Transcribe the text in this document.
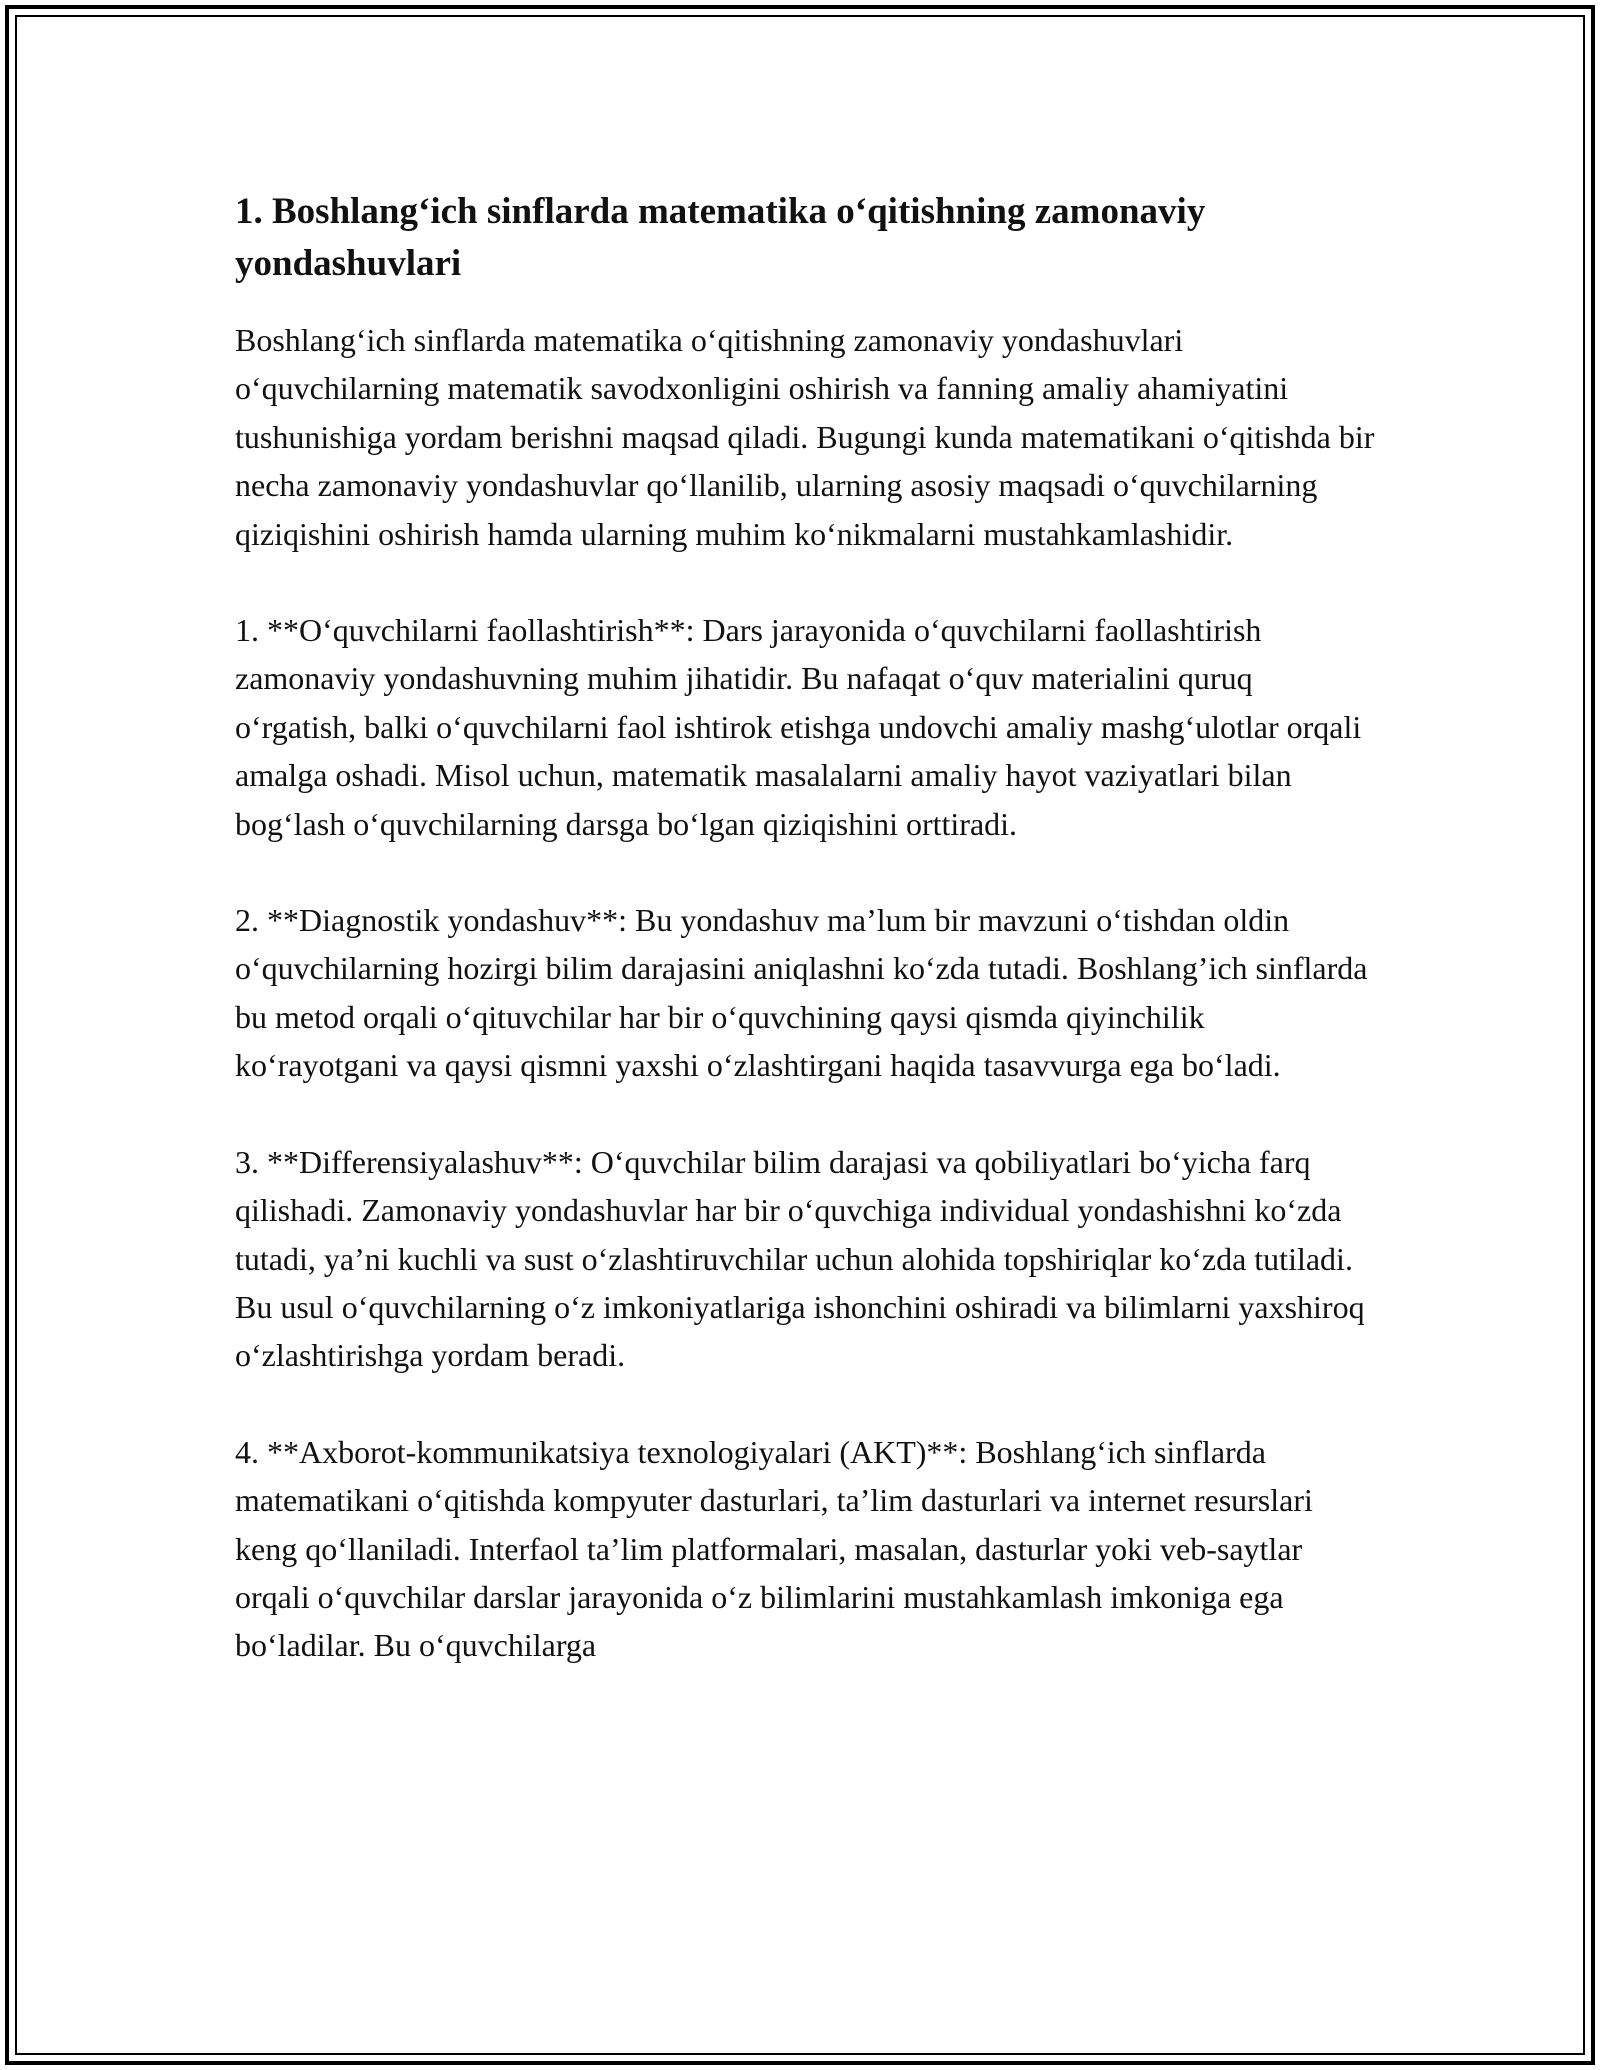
1. Boshlang‘ich sinflarda matematika o‘qitishning zamonaviy yondashuvlari

Boshlang‘ich sinflarda matematika o‘qitishning zamonaviy yondashuvlari o‘quvchilarning matematik savodxonligini oshirish va fanning amaliy ahamiyatini tushunishiga yordam berishni maqsad qiladi. Bugungi kunda matematikani o‘qitishda bir necha zamonaviy yondashuvlar qo‘llanilib, ularning asosiy maqsadi o‘quvchilarning qiziqishini oshirish hamda ularning muhim ko‘nikmalarni mustahkamlashidir.

1. **O‘quvchilarni faollashtirish**: Dars jarayonida o‘quvchilarni faollashtirish zamonaviy yondashuvning muhim jihatidir. Bu nafaqat o‘quv materialini quruq o‘rgatish, balki o‘quvchilarni faol ishtirok etishga undovchi amaliy mashg‘ulotlar orqali amalga oshadi. Misol uchun, matematik masalalarni amaliy hayot vaziyatlari bilan bog‘lash o‘quvchilarning darsga bo‘lgan qiziqishini orttiradi.

2. **Diagnostik yondashuv**: Bu yondashuv ma’lum bir mavzuni o‘tishdan oldin o‘quvchilarning hozirgi bilim darajasini aniqlashni ko‘zda tutadi. Boshlang’ich sinflarda bu metod orqali o‘qituvchilar har bir o‘quvchining qaysi qismda qiyinchilik ko‘rayotgani va qaysi qismni yaxshi o‘zlashtirgani haqida tasavvurga ega bo‘ladi.

3. **Differensiyalashuv**: O‘quvchilar bilim darajasi va qobiliyatlari bo‘yicha farq qilishadi. Zamonaviy yondashuvlar har bir o‘quvchiga individual yondashishni ko‘zda tutadi, ya’ni kuchli va sust o‘zlashtiruvchilar uchun alohida topshiriqlar ko‘zda tutiladi. Bu usul o‘quvchilarning o‘z imkoniyatlariga ishonchini oshiradi va bilimlarni yaxshiroq o‘zlashtirishga yordam beradi.

4. **Axborot-kommunikatsiya texnologiyalari (AKT)**: Boshlang‘ich sinflarda matematikani o‘qitishda kompyuter dasturlari, ta’lim dasturlari va internet resurslari keng qo‘llaniladi. Interfaol ta’lim platformalari, masalan, dasturlar yoki veb-saytlar orqali o‘quvchilar darslar jarayonida o‘z bilimlarini mustahkamlash imkoniga ega bo‘ladilar. Bu o‘quvchilarga
